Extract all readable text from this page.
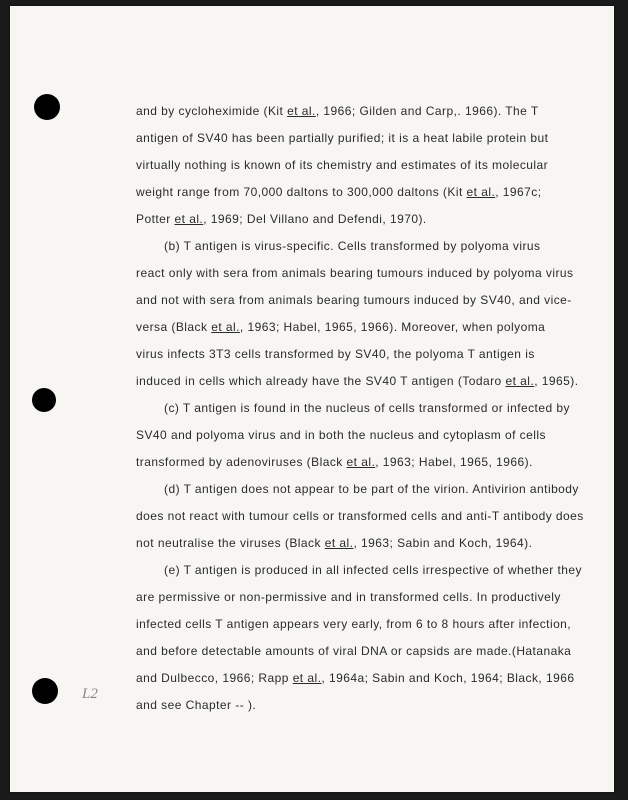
L2
and by cycloheximide (Kit et al., 1966; Gilden and Carp,. 1966). The T
antigen of SV40 has been partially purified; it is a heat labile protein but
virtually nothing is known of its chemistry and estimates of its molecular
weight range from 70,000 daltons to 300,000 daltons (Kit et al., 1967c;
Potter et al., 1969; Del Villano and Defendi, 1970).
(b) T antigen is virus-specific. Cells transformed by polyoma virus
react only with sera from animals bearing tumours induced by polyoma virus
and not with sera from animals bearing tumours induced by SV40, and vice-
versa (Black et al., 1963; Habel, 1965, 1966). Moreover, when polyoma
virus infects 3T3 cells transformed by SV40, the polyoma T antigen is
induced in cells which already have the SV40 T antigen (Todaro et al., 1965).
(c) T antigen is found in the nucleus of cells transformed or infected by
SV40 and polyoma virus and in both the nucleus and cytoplasm of cells
transformed by adenoviruses (Black et al., 1963; Habel, 1965, 1966).
(d) T antigen does not appear to be part of the virion. Antivirion antibody
does not react with tumour cells or transformed cells and anti-T antibody does
not neutralise the viruses (Black et al., 1963; Sabin and Koch, 1964).
(e) T antigen is produced in all infected cells irrespective of whether they
are permissive or non-permissive and in transformed cells. In productively
infected cells T antigen appears very early, from 6 to 8 hours after infection,
and before detectable amounts of viral DNA or capsids are made.(Hatanaka
and Dulbecco, 1966; Rapp et al., 1964a; Sabin and Koch, 1964; Black, 1966
and see Chapter -- ).
